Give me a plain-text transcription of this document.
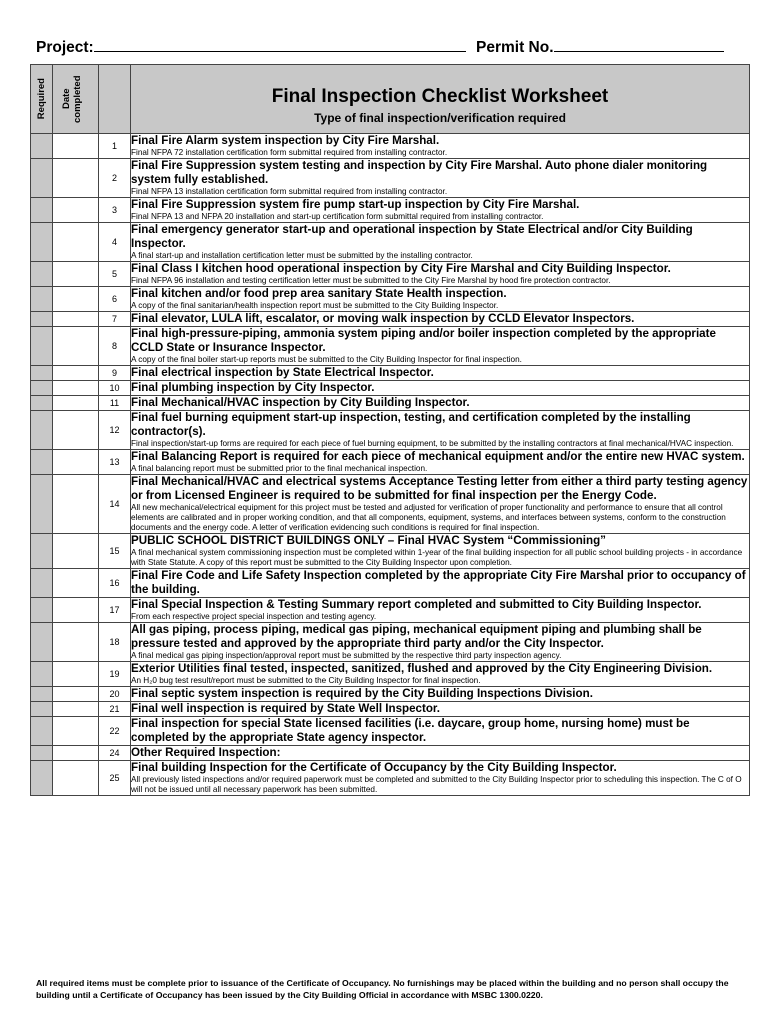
Project:	Permit No.
Required	Date completed		Final Inspection Checklist Worksheet
Type of final inspection/verification required

		1	Final Fire Alarm system inspection by City Fire Marshal.
Final NFPA 72 installation certification form submittal required from installing contractor.

		2	Final Fire Suppression system testing and inspection by City Fire Marshal. Auto phone dialer monitoring system fully established.
Final NFPA 13 installation certification form submittal required from installing contractor.

		3	Final Fire Suppression system fire pump start-up inspection by City Fire Marshal.
Final NFPA 13 and NFPA 20 installation and start-up certification form submittal required from installing contractor.

		4	Final emergency generator start-up and operational inspection by State Electrical and/or City Building Inspector.
A final start-up and installation certification letter must be submitted by the installing contractor.

		5	Final Class I kitchen hood operational inspection by City Fire Marshal and City Building Inspector.
Final NFPA 96 installation and testing certification letter must be submitted to the City Fire Marshal by hood fire protection contractor.

		6	Final kitchen and/or food prep area sanitary State Health inspection.
A copy of the final sanitarian/health inspection report must be submitted to the City Building Inspector.

		7	Final elevator, LULA lift, escalator, or moving walk inspection by CCLD Elevator Inspectors.

		8	Final high-pressure-piping, ammonia system piping and/or boiler inspection completed by the appropriate CCLD State or Insurance Inspector.
A copy of the final boiler start-up reports must be submitted to the City Building Inspector for final inspection.

		9	Final electrical inspection by State Electrical Inspector.

		10	Final plumbing inspection by City Inspector.

		11	Final Mechanical/HVAC inspection by City Building Inspector.

		12	Final fuel burning equipment start-up inspection, testing, and certification completed by the installing contractor(s).
Final inspection/start-up forms are required for each piece of fuel burning equipment, to be submitted by the installing contractors at final mechanical/HVAC inspection.

		13	Final Balancing Report is required for each piece of mechanical equipment and/or the entire new HVAC system.
A final balancing report must be submitted prior to the final mechanical inspection.

		14	Final Mechanical/HVAC and electrical systems Acceptance Testing letter from either a third party testing agency or from Licensed Engineer is required to be submitted for final inspection per the Energy Code.
All new mechanical/electrical equipment for this project must be tested and adjusted for verification of proper functionality and performance to ensure that all control elements are calibrated and in proper working condition, and that all components, equipment, systems, and interfaces between systems, conform to the construction documents and the energy code. A letter of verification evidencing such conditions is required for final inspection.

		15	PUBLIC SCHOOL DISTRICT BUILDINGS ONLY – Final HVAC System “Commissioning”
A final mechanical system commissioning inspection must be completed within 1-year of the final building inspection for all public school building projects - in accordance with State Statute. A copy of this report must be submitted to the City Building Inspector upon completion.

		16	Final Fire Code and Life Safety Inspection completed by the appropriate City Fire Marshal prior to occupancy of the building.

		17	Final Special Inspection & Testing Summary report completed and submitted to City Building Inspector.
From each respective project special inspection and testing agency.

		18	All gas piping, process piping, medical gas piping, mechanical equipment piping and plumbing shall be pressure tested and approved by the appropriate third party and/or the City Inspector.
A final medical gas piping inspection/approval report must be submitted by the respective third party inspection agency.

		19	Exterior Utilities final tested, inspected, sanitized, flushed and approved by the City Engineering Division.
An H₂0 bug test result/report must be submitted to the City Building Inspector for final inspection.

		20	Final septic system inspection is required by the City Building Inspections Division.

		21	Final well inspection is required by State Well Inspector.

		22	Final inspection for special State licensed facilities (i.e. daycare, group home, nursing home) must be completed by the appropriate State agency inspector.

		24	Other Required Inspection:

		25	Final building Inspection for the Certificate of Occupancy by the City Building Inspector.
All previously listed inspections and/or required paperwork must be completed and submitted to the City Building Inspector prior to scheduling this inspection. The C of O will not be issued until all necessary paperwork has been submitted.
All required items must be complete prior to issuance of the Certificate of Occupancy. No furnishings may be placed within the building and no person shall occupy the building until a Certificate of Occupancy has been issued by the City Building Official in accordance with MSBC 1300.0220.
